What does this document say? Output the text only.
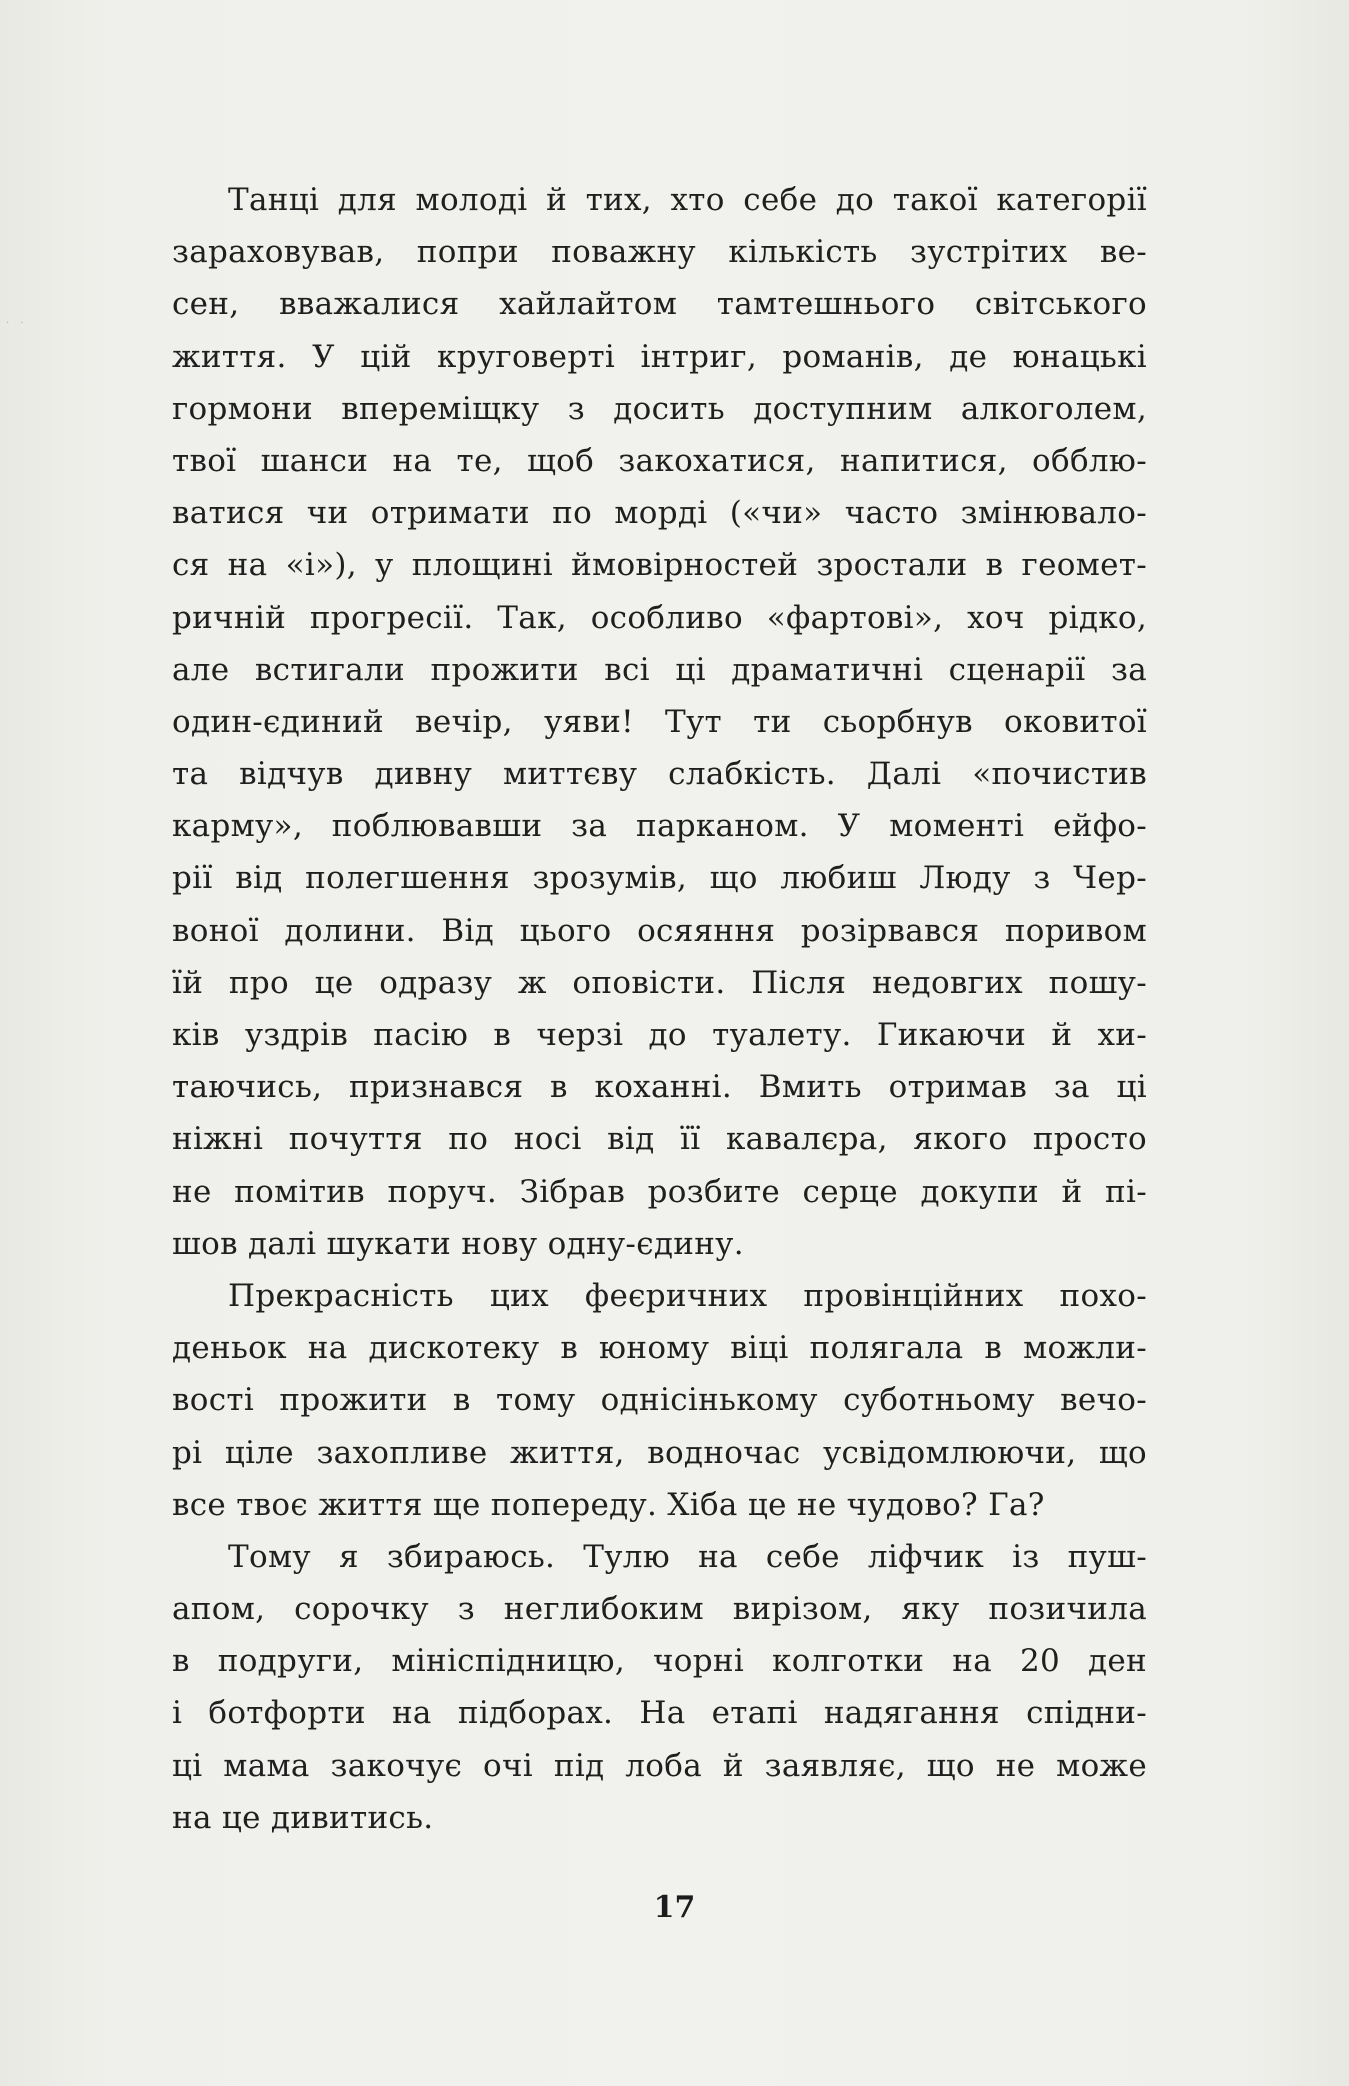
· ·
Танці для молоді й тих, хто себе до такої категорії
зараховував, попри поважну кількість зустрітих ве-
сен, вважалися хайлайтом тамтешнього світського
життя. У цій круговерті інтриг, романів, де юнацькі
гормони впереміщку з досить доступним алкоголем,
твої шанси на те, щоб закохатися, напитися, обблю-
ватися чи отримати по морді («чи» часто змінювало-
ся на «і»), у площині ймовірностей зростали в геомет-
ричній прогресії. Так, особливо «фартові», хоч рідко,
але встигали прожити всі ці драматичні сценарії за
один-єдиний вечір, уяви! Тут ти сьорбнув оковитої
та відчув дивну миттєву слабкість. Далі «почистив
карму», поблювавши за парканом. У моменті ейфо-
рії від полегшення зрозумів, що любиш Люду з Чер-
воної долини. Від цього осяяння розірвався поривом
їй про це одразу ж оповісти. Після недовгих пошу-
ків уздрів пасію в черзі до туалету. Гикаючи й хи-
таючись, признався в коханні. Вмить отримав за ці
ніжні почуття по носі від її кавалєра, якого просто
не помітив поруч. Зібрав розбите серце докупи й пі-
шов далі шукати нову одну-єдину.
Прекрасність цих феєричних провінційних похо-
деньок на дискотеку в юному віці полягала в можли-
вості прожити в тому однісінькому суботньому вечо-
рі ціле захопливе життя, водночас усвідомлюючи, що
все твоє життя ще попереду. Хіба це не чудово? Га?
Тому я збираюсь. Тулю на себе ліфчик із пуш-
апом, сорочку з неглибоким вирізом, яку позичила
в подруги, мініспідницю, чорні колготки на 20 ден
і ботфорти на підборах. На етапі надягання спідни-
ці мама закочує очі під лоба й заявляє, що не може
на це дивитись.
17
